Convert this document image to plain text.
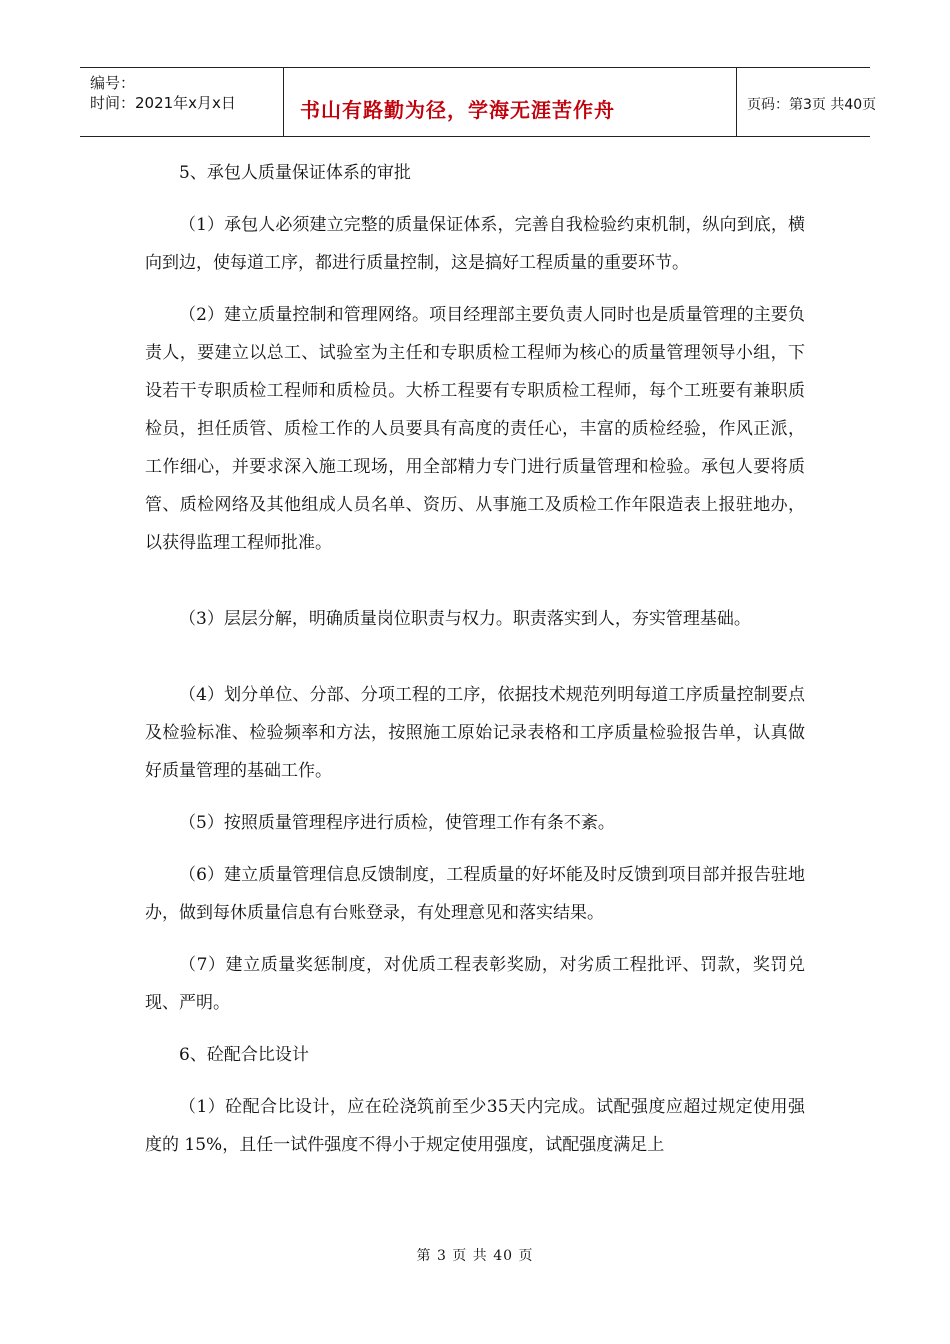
编号：
时间：2021年x月x日	书山有路勤为径，学海无涯苦作舟	页码：第3页 共40页

5、承包人质量保证体系的审批

（1）承包人必须建立完整的质量保证体系，完善自我检验约束机制，纵向到底，横向到边，使每道工序，都进行质量控制，这是搞好工程质量的重要环节。

（2）建立质量控制和管理网络。项目经理部主要负责人同时也是质量管理的主要负责人，要建立以总工、试验室为主任和专职质检工程师为核心的质量管理领导小组，下设若干专职质检工程师和质检员。大桥工程要有专职质检工程师，每个工班要有兼职质检员，担任质管、质检工作的人员要具有高度的责任心，丰富的质检经验，作风正派，工作细心，并要求深入施工现场，用全部精力专门进行质量管理和检验。承包人要将质管、质检网络及其他组成人员名单、资历、从事施工及质检工作年限造表上报驻地办，以获得监理工程师批准。

（3）层层分解，明确质量岗位职责与权力。职责落实到人，夯实管理基础。

（4）划分单位、分部、分项工程的工序，依据技术规范列明每道工序质量控制要点及检验标准、检验频率和方法，按照施工原始记录表格和工序质量检验报告单，认真做好质量管理的基础工作。

（5）按照质量管理程序进行质检，使管理工作有条不紊。

（6）建立质量管理信息反馈制度，工程质量的好坏能及时反馈到项目部并报告驻地办，做到每休质量信息有台账登录，有处理意见和落实结果。

（7）建立质量奖惩制度，对优质工程表彰奖励，对劣质工程批评、罚款，奖罚兑现、严明。

6、砼配合比设计

（1）砼配合比设计，应在砼浇筑前至少35天内完成。试配强度应超过规定使用强度的 15%，且任一试件强度不得小于规定使用强度，试配强度满足上

第 3 页 共 40 页
